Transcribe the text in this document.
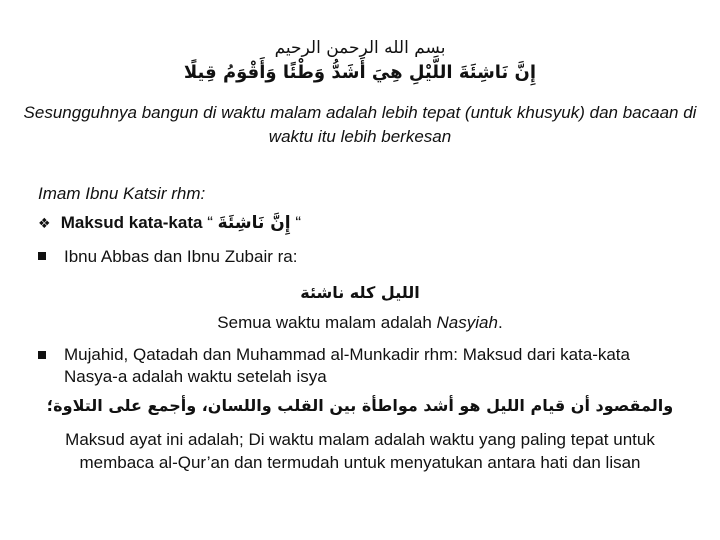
بسم الله الرحمن الرحيم
إِنَّ نَاشِئَةَ اللَّيْلِ هِيَ أَشَدُّ وَطْئًا وَأَقْوَمُ قِيلًا
Sesungguhnya bangun di waktu malam adalah lebih tepat (untuk khusyuk) dan bacaan di waktu itu lebih berkesan
Imam Ibnu Katsir rhm:
❖ Maksud kata-kata “ إِنَّ نَاشِئَةَ “
Ibnu Abbas dan Ibnu Zubair ra:
الليل كله ناشئة
Semua waktu malam adalah Nasyiah.
Mujahid, Qatadah dan Muhammad al-Munkadir rhm: Maksud dari kata-kata Nasya-a adalah waktu setelah isya
والمقصود أن قيام الليل هو أشد مواطأة بين القلب واللسان، وأجمع على التلاوة؛
Maksud ayat ini adalah; Di waktu malam adalah waktu yang paling tepat untuk membaca al-Qur’an dan termudah untuk menyatukan antara hati dan lisan
